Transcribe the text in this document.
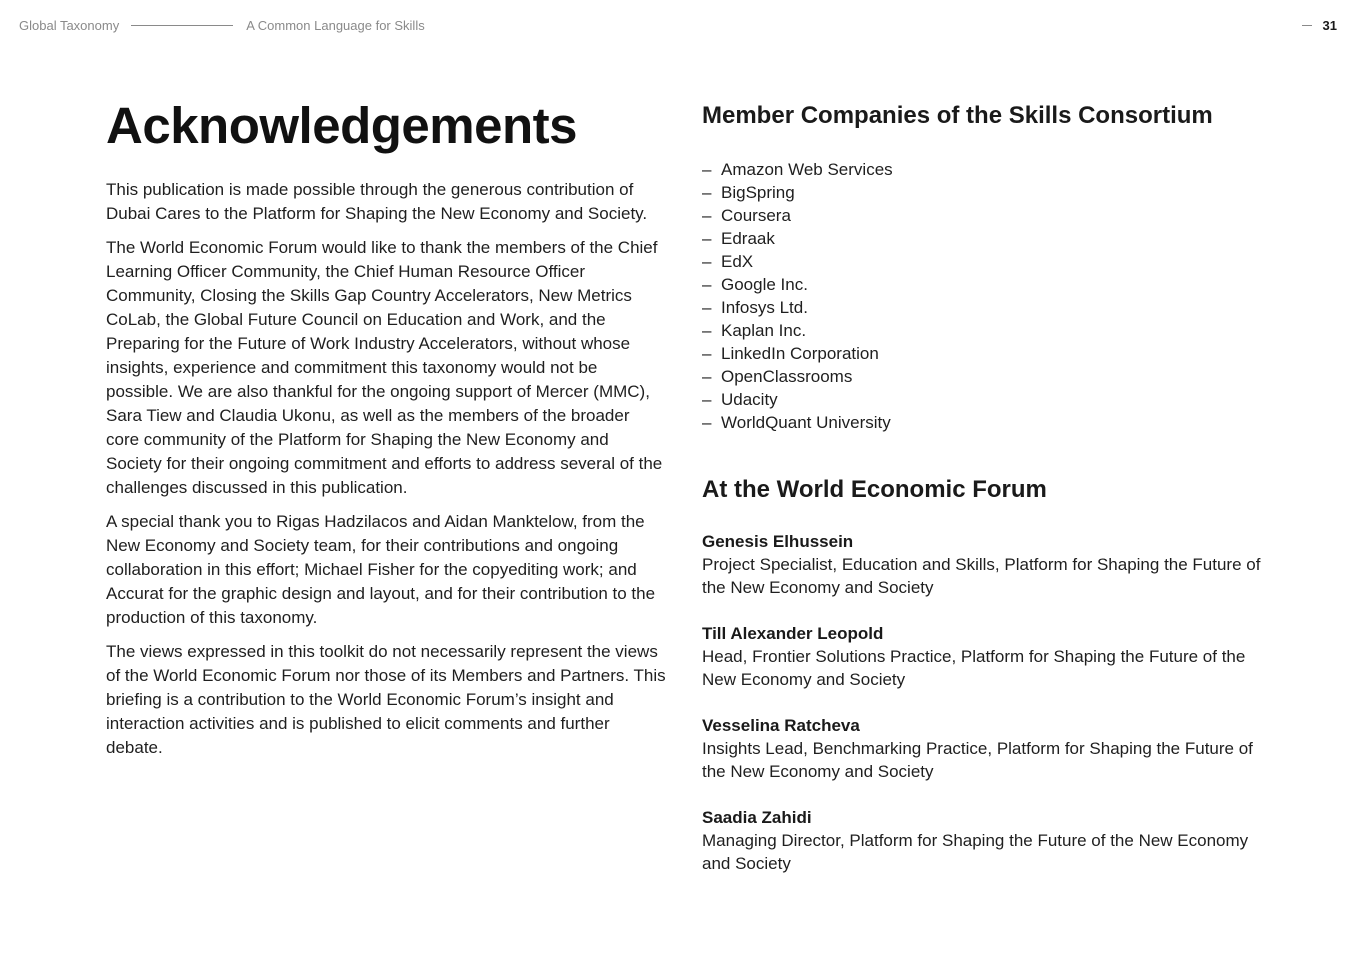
Global Taxonomy	A Common Language for Skills	31
Acknowledgements

This publication is made possible through the generous contribution of Dubai Cares to the Platform for Shaping the New Economy and Society.

The World Economic Forum would like to thank the members of the Chief Learning Officer Community, the Chief Human Resource Officer Community, Closing the Skills Gap Country Accelerators, New Metrics CoLab, the Global Future Council on Education and Work, and the Preparing for the Future of Work Industry Accelerators, without whose insights, experience and commitment this taxonomy would not be possible. We are also thankful for the ongoing support of Mercer (MMC), Sara Tiew and Claudia Ukonu, as well as the members of the broader core community of the Platform for Shaping the New Economy and Society for their ongoing commitment and efforts to address several of the challenges discussed in this publication.

A special thank you to Rigas Hadzilacos and Aidan Manktelow, from the New Economy and Society team, for their contributions and ongoing collaboration in this effort; Michael Fisher for the copyediting work; and Accurat for the graphic design and layout, and for their contribution to the production of this taxonomy.

The views expressed in this toolkit do not necessarily represent the views of the World Economic Forum nor those of its Members and Partners. This briefing is a contribution to the World Economic Forum’s insight and interaction activities and is published to elicit comments and further debate.

Member Companies of the Skills Consortium
– Amazon Web Services
– BigSpring
– Coursera
– Edraak
– EdX
– Google Inc.
– Infosys Ltd.
– Kaplan Inc.
– LinkedIn Corporation
– OpenClassrooms
– Udacity
– WorldQuant University
At the World Economic Forum
Genesis Elhussein
Project Specialist, Education and Skills, Platform for Shaping the Future of the New Economy and Society
Till Alexander Leopold
Head, Frontier Solutions Practice, Platform for Shaping the Future of the New Economy and Society
Vesselina Ratcheva
Insights Lead, Benchmarking Practice, Platform for Shaping the Future of the New Economy and Society
Saadia Zahidi
Managing Director, Platform for Shaping the Future of the New Economy and Society
